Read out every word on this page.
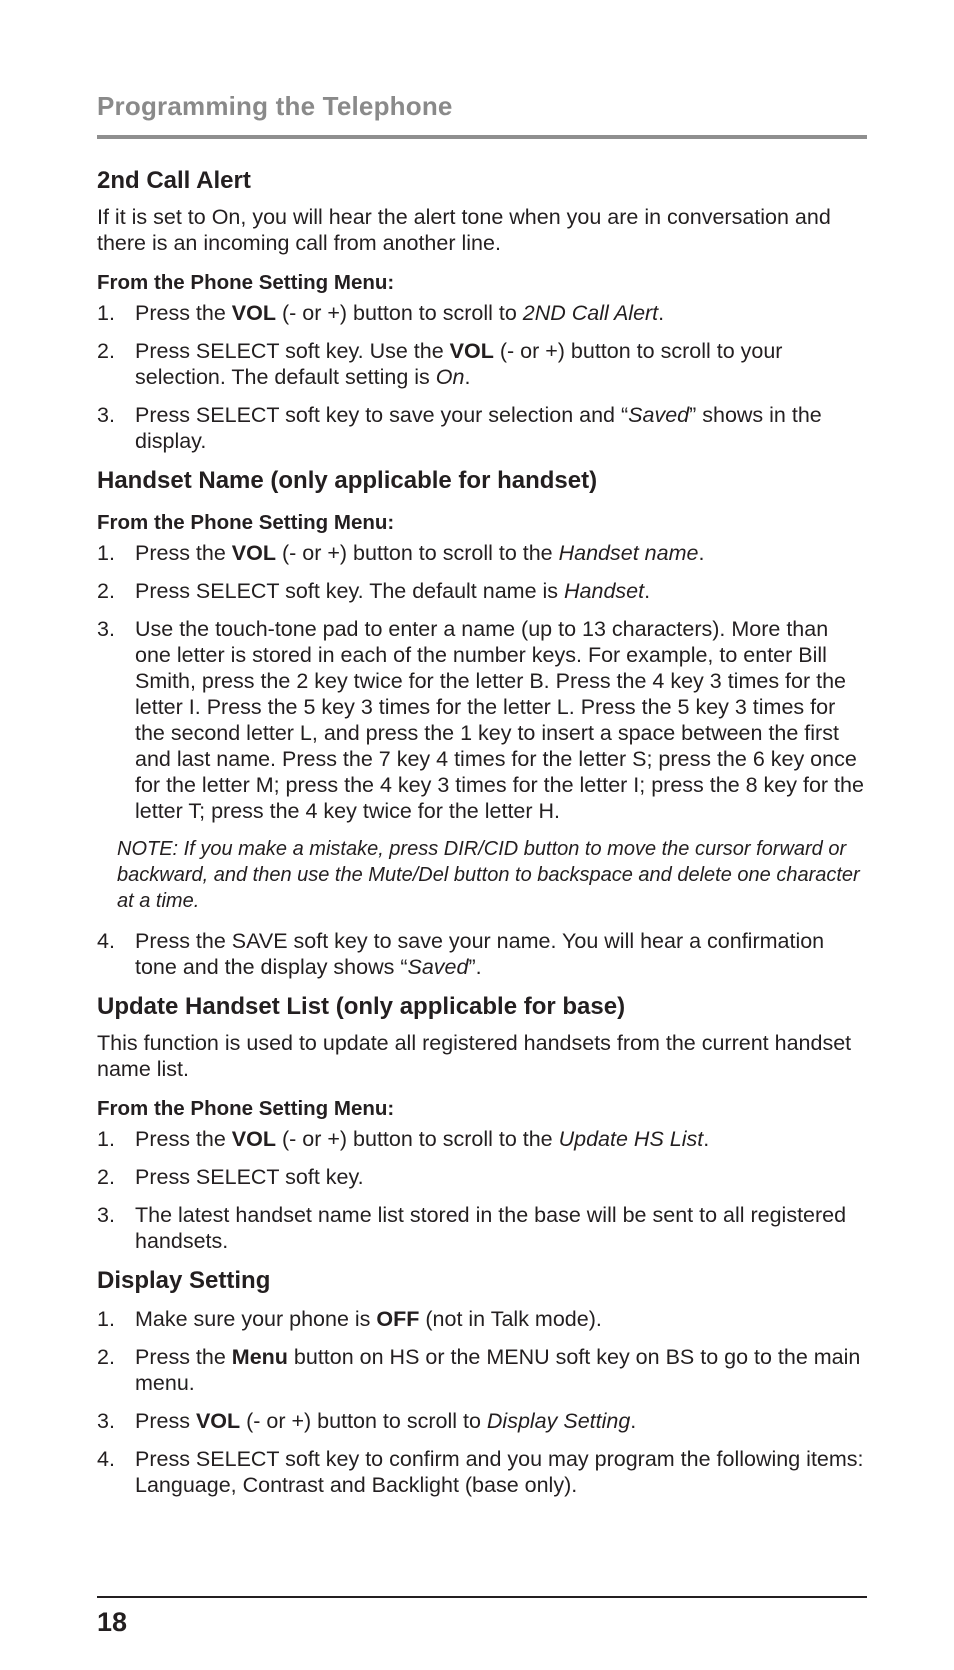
Programming the Telephone
2nd Call Alert

If it is set to On, you will hear the alert tone when you are in conversation and there is an incoming call from another line.

From the Phone Setting Menu:
1. Press the VOL (- or +) button to scroll to 2ND Call Alert.
2. Press SELECT soft key. Use the VOL (- or +) button to scroll to your selection. The default setting is On.
3. Press SELECT soft key to save your selection and “Saved” shows in the display.
Handset Name (only applicable for handset)
From the Phone Setting Menu:
1. Press the VOL (- or +) button to scroll to the Handset name.
2. Press SELECT soft key. The default name is Handset.
3. Use the touch-tone pad to enter a name (up to 13 characters). More than one letter is stored in each of the number keys. For example, to enter Bill Smith, press the 2 key twice for the letter B. Press the 4 key 3 times for the letter I. Press the 5 key 3 times for the letter L. Press the 5 key 3 times for the second letter L, and press the 1 key to insert a space between the first and last name. Press the 7 key 4 times for the letter S; press the 6 key once for the letter M; press the 4 key 3 times for the letter I; press the 8 key for the letter T; press the 4 key twice for the letter H.

NOTE: If you make a mistake, press DIR/CID button to move the cursor forward or backward, and then use the Mute/Del button to backspace and delete one character at a time.

4. Press the SAVE soft key to save your name. You will hear a confirmation tone and the display shows “Saved”.
Update Handset List (only applicable for base)

This function is used to update all registered handsets from the current handset name list.

From the Phone Setting Menu:
1. Press the VOL (- or +) button to scroll to the Update HS List.
2. Press SELECT soft key.
3. The latest handset name list stored in the base will be sent to all registered handsets.
Display Setting
1. Make sure your phone is OFF (not in Talk mode).
2. Press the Menu button on HS or the MENU soft key on BS to go to the main menu.
3. Press VOL (- or +) button to scroll to Display Setting.
4. Press SELECT soft key to confirm and you may program the following items: Language, Contrast and Backlight (base only).
18
